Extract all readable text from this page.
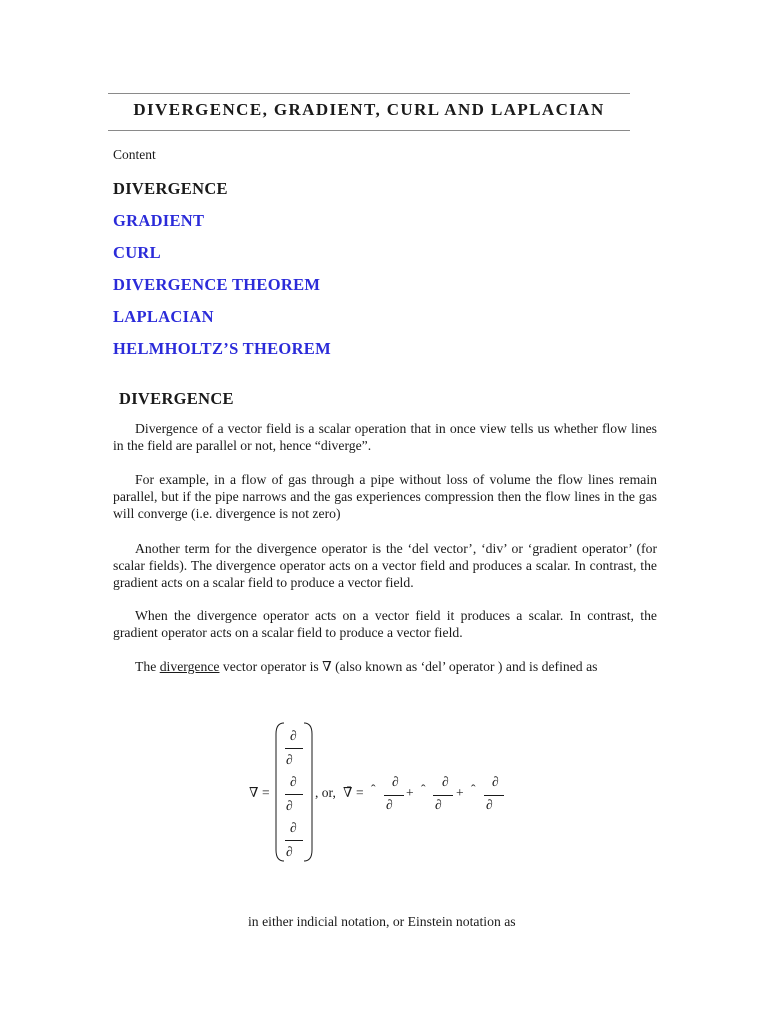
DIVERGENCE, GRADIENT, CURL AND LAPLACIAN
Content
DIVERGENCE
GRADIENT
CURL
DIVERGENCE THEOREM
LAPLACIAN
HELMHOLTZ’S THEOREM
DIVERGENCE

Divergence of a vector field is a scalar operation that in once view tells us whether flow lines in the field are parallel or not, hence “diverge”.

For example, in a flow of gas through a pipe without loss of volume the flow lines remain parallel, but if the pipe narrows and the gas experiences compression then the flow lines in the gas will converge (i.e. divergence is not zero)

Another term for the divergence operator is the ‘del vector’, ‘div’ or ‘gradient operator’ (for scalar fields). The divergence operator acts on a vector field and produces a scalar. In contrast, the gradient acts on a scalar field to produce a vector field.

When the divergence operator acts on a vector field it produces a scalar. In contrast, the gradient operator acts on a scalar field to produce a vector field.

The divergence vector operator is ∇ (also known as ‘del’ operator ) and is defined as

∇ =
∂
∂
∂
∂
∂
∂
, or, ∇̄ = ˆ
∂
∂
+ ˆ
∂
∂
+ ˆ
∂
∂
in either indicial notation, or Einstein notation as
